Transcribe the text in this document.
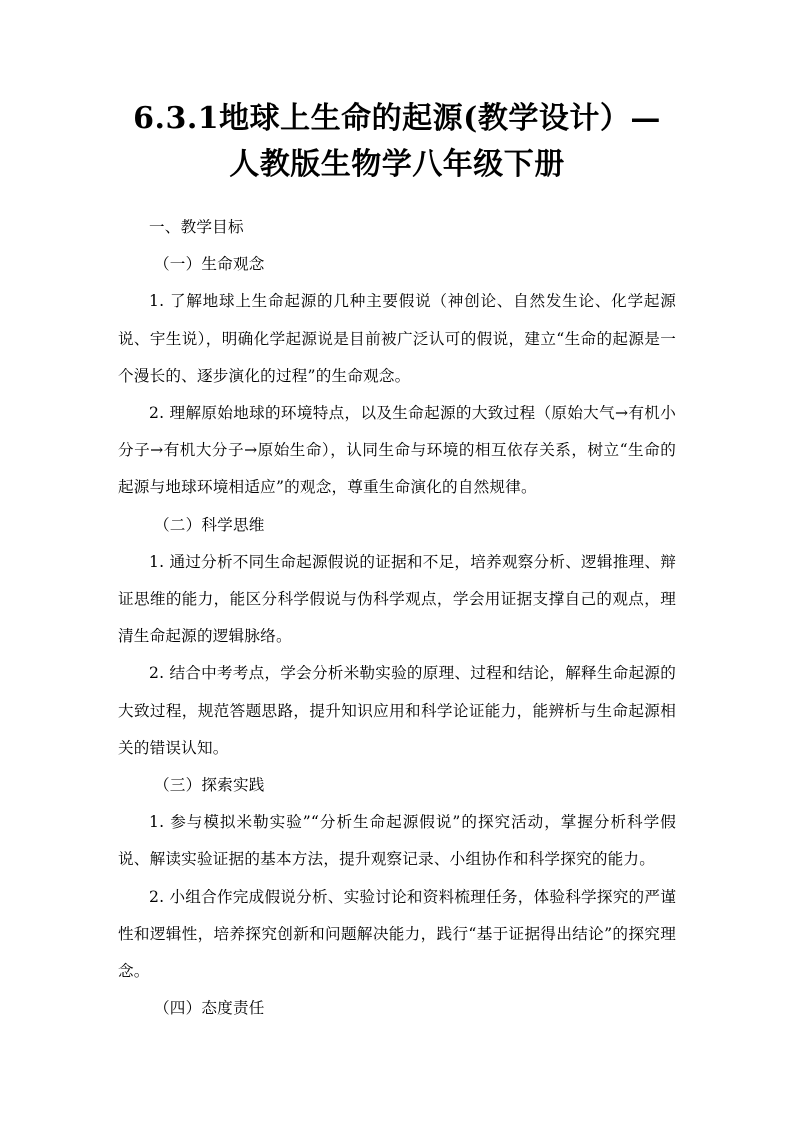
6.3.1地球上生命的起源(教学设计）—
人教版生物学八年级下册

一、教学目标

（一）生命观念

1. 了解地球上生命起源的几种主要假说（神创论、自然发生论、化学起源说、宇生说），明确化学起源说是目前被广泛认可的假说，建立“生命的起源是一个漫长的、逐步演化的过程”的生命观念。

2. 理解原始地球的环境特点，以及生命起源的大致过程（原始大气→有机小分子→有机大分子→原始生命），认同生命与环境的相互依存关系，树立“生命的起源与地球环境相适应”的观念，尊重生命演化的自然规律。

（二）科学思维

1. 通过分析不同生命起源假说的证据和不足，培养观察分析、逻辑推理、辩证思维的能力，能区分科学假说与伪科学观点，学会用证据支撑自己的观点，理清生命起源的逻辑脉络。

2. 结合中考考点，学会分析米勒实验的原理、过程和结论，解释生命起源的大致过程，规范答题思路，提升知识应用和科学论证能力，能辨析与生命起源相关的错误认知。

（三）探索实践

1. 参与模拟米勒实验”“分析生命起源假说”的探究活动，掌握分析科学假说、解读实验证据的基本方法，提升观察记录、小组协作和科学探究的能力。

2. 小组合作完成假说分析、实验讨论和资料梳理任务，体验科学探究的严谨性和逻辑性，培养探究创新和问题解决能力，践行“基于证据得出结论”的探究理念。

（四）态度责任
